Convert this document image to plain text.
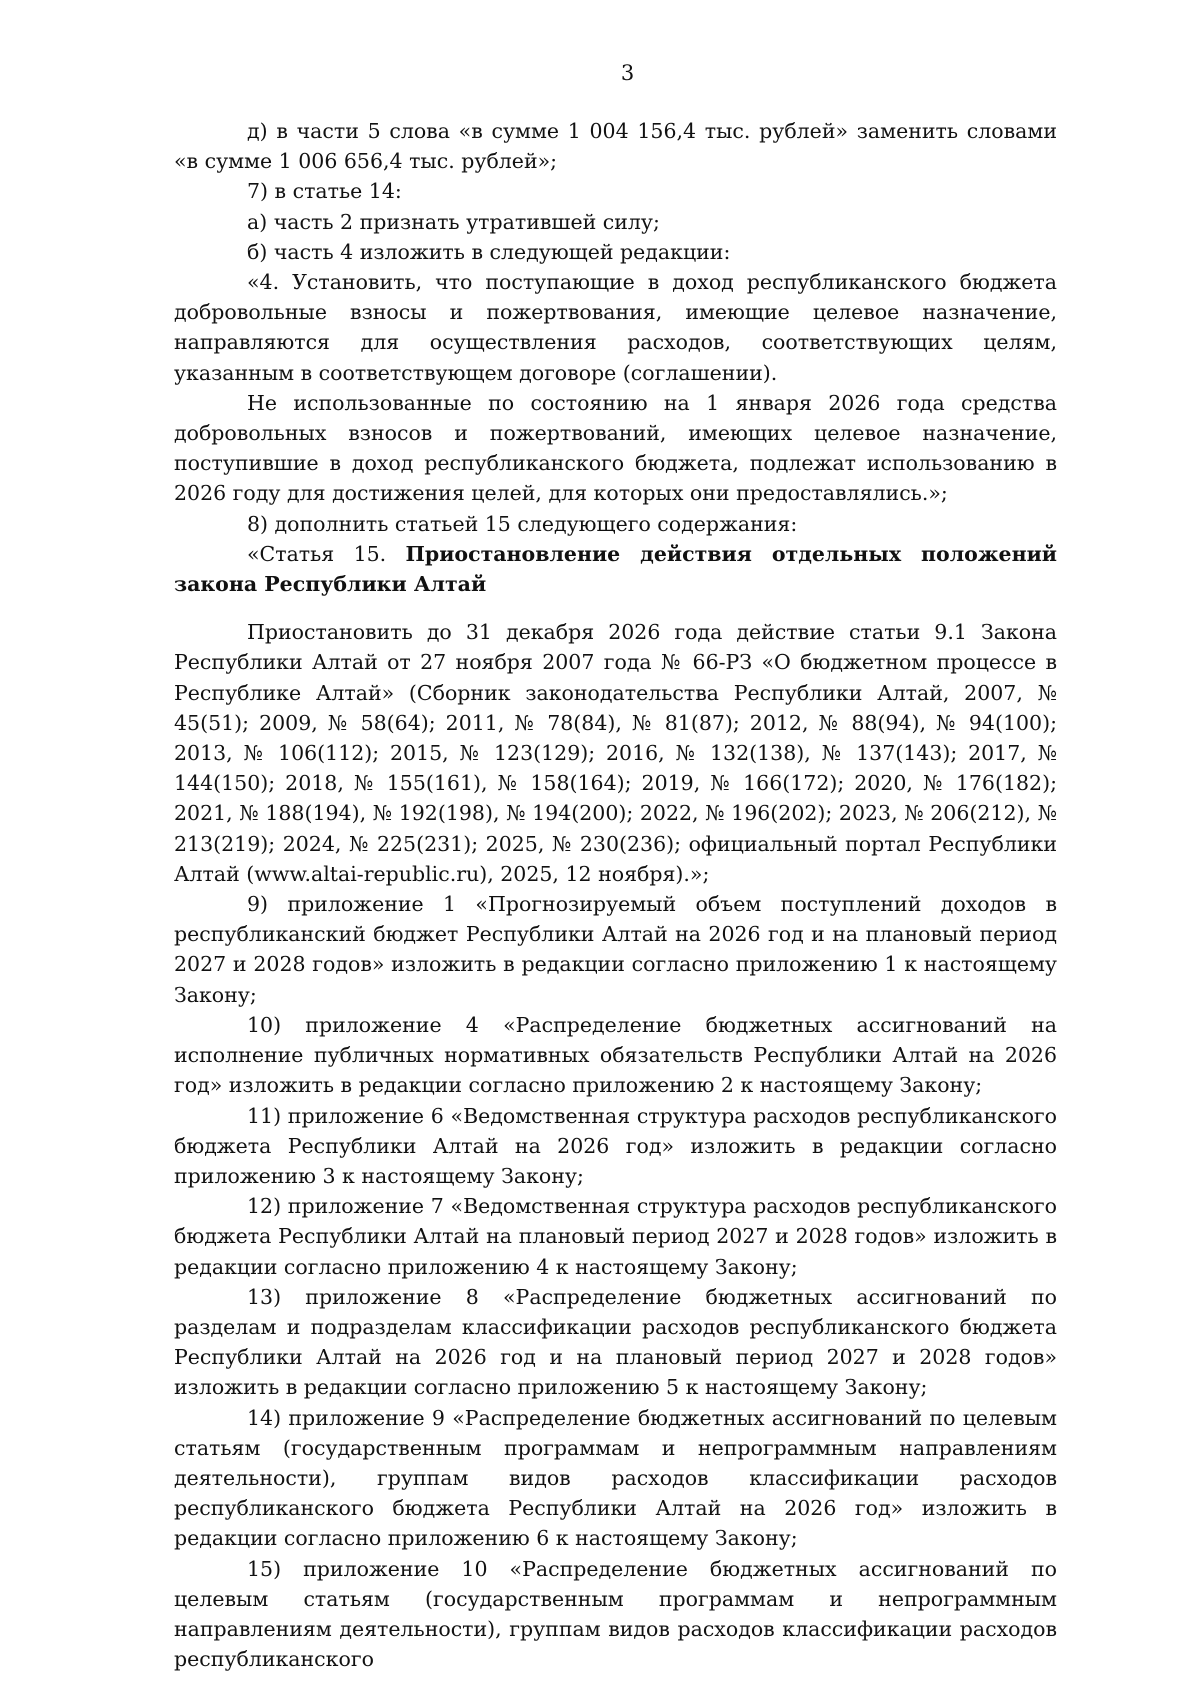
3

д) в части 5 слова «в сумме 1 004 156,4 тыс. рублей» заменить словами «в сумме 1 006 656,4 тыс. рублей»;

7) в статье 14:

а) часть 2 признать утратившей силу;

б) часть 4 изложить в следующей редакции:

«4. Установить, что поступающие в доход республиканского бюджета добровольные взносы и пожертвования, имеющие целевое назначение, направляются для осуществления расходов, соответствующих целям, указанным в соответствующем договоре (соглашении).

Не использованные по состоянию на 1 января 2026 года средства добровольных взносов и пожертвований, имеющих целевое назначение, поступившие в доход республиканского бюджета, подлежат использованию в 2026 году для достижения целей, для которых они предоставлялись.»;

8) дополнить статьей 15 следующего содержания:

«Статья 15. Приостановление действия отдельных положений закона Республики Алтай

Приостановить до 31 декабря 2026 года действие статьи 9.1 Закона Республики Алтай от 27 ноября 2007 года № 66-РЗ «О бюджетном процессе в Республике Алтай» (Сборник законодательства Республики Алтай, 2007, № 45(51); 2009, № 58(64); 2011, № 78(84), № 81(87); 2012, № 88(94), № 94(100); 2013, № 106(112); 2015, № 123(129); 2016, № 132(138), № 137(143); 2017, № 144(150); 2018, № 155(161), № 158(164); 2019, № 166(172); 2020, № 176(182); 2021, № 188(194), № 192(198), № 194(200); 2022, № 196(202); 2023, № 206(212), № 213(219); 2024, № 225(231); 2025, № 230(236); официальный портал Республики Алтай (www.altai-republic.ru), 2025, 12 ноября).»;

9) приложение 1 «Прогнозируемый объем поступлений доходов в республиканский бюджет Республики Алтай на 2026 год и на плановый период 2027 и 2028 годов» изложить в редакции согласно приложению 1 к настоящему Закону;

10) приложение 4 «Распределение бюджетных ассигнований на исполнение публичных нормативных обязательств Республики Алтай на 2026 год» изложить в редакции согласно приложению 2 к настоящему Закону;

11) приложение 6 «Ведомственная структура расходов республиканского бюджета Республики Алтай на 2026 год» изложить в редакции согласно приложению 3 к настоящему Закону;

12) приложение 7 «Ведомственная структура расходов республиканского бюджета Республики Алтай на плановый период 2027 и 2028 годов» изложить в редакции согласно приложению 4 к настоящему Закону;

13) приложение 8 «Распределение бюджетных ассигнований по разделам и подразделам классификации расходов республиканского бюджета Республики Алтай на 2026 год и на плановый период 2027 и 2028 годов» изложить в редакции согласно приложению 5 к настоящему Закону;

14) приложение 9 «Распределение бюджетных ассигнований по целевым статьям (государственным программам и непрограммным направлениям деятельности), группам видов расходов классификации расходов республиканского бюджета Республики Алтай на 2026 год» изложить в редакции согласно приложению 6 к настоящему Закону;

15) приложение 10 «Распределение бюджетных ассигнований по целевым статьям (государственным программам и непрограммным направлениям деятельности), группам видов расходов классификации расходов республиканского
